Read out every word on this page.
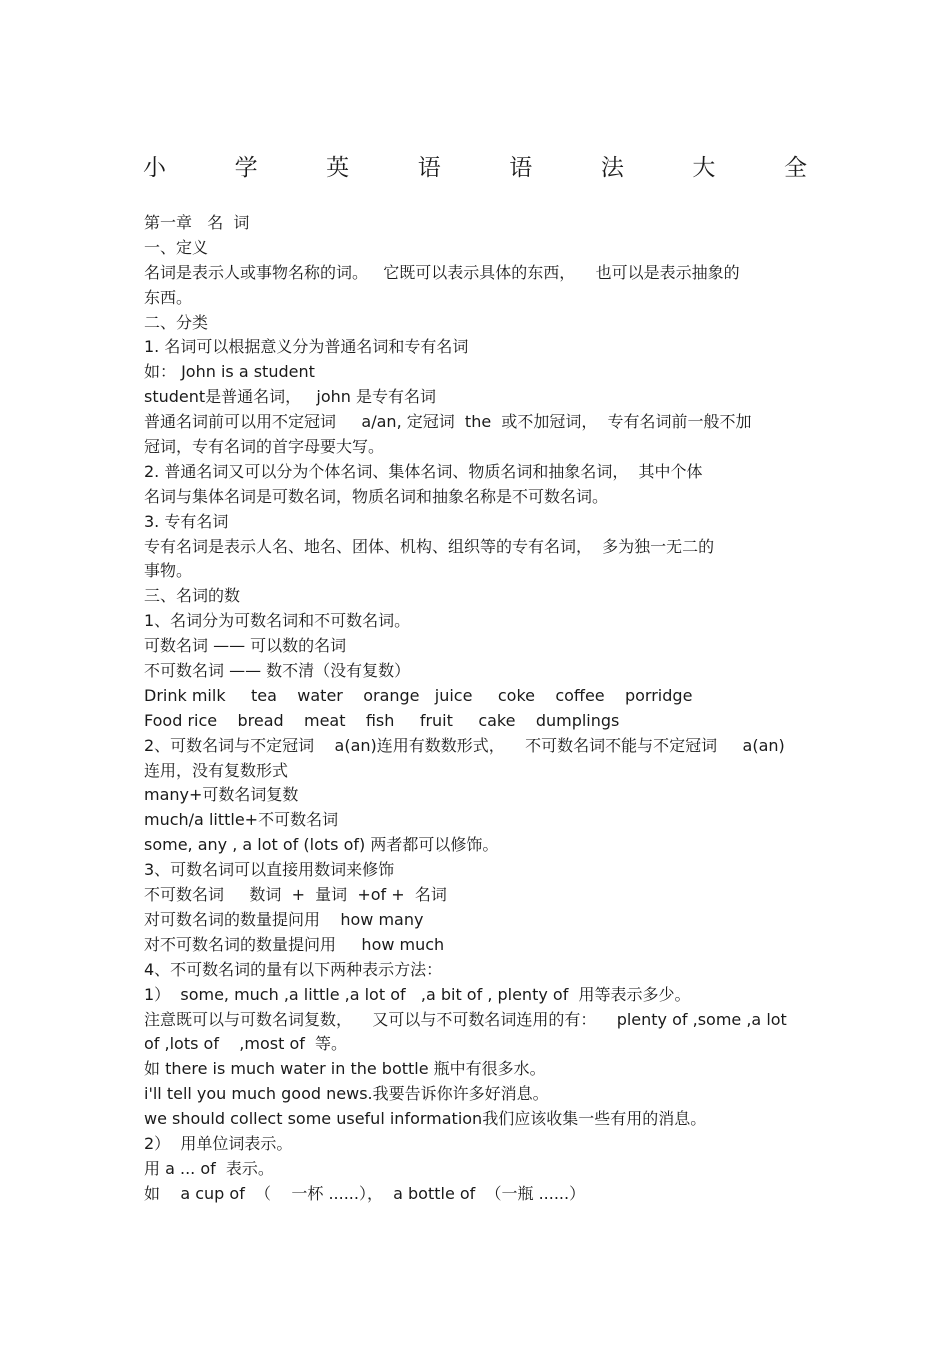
小	学	英	语	语	法	大	全
第一章   名  词
一、定义
名词是表示人或事物名称的词。   它既可以表示具体的东西，    也可以是表示抽象的
东西。
二、分类
1. 名词可以根据意义分为普通名词和专有名词
如： John is a student
student是普通名词，   john 是专有名词
普通名词前可以用不定冠词     a/an, 定冠词  the  或不加冠词，  专有名词前一般不加
冠词，专有名词的首字母要大写。
2. 普通名词又可以分为个体名词、集体名词、物质名词和抽象名词，  其中个体
名词与集体名词是可数名词，物质名词和抽象名称是不可数名词。
3. 专有名词
专有名词是表示人名、地名、团体、机构、组织等的专有名词，  多为独一无二的
事物。
三、名词的数
1、名词分为可数名词和不可数名词。
可数名词 —— 可以数的名词
不可数名词 —— 数不清（没有复数）
Drink milk     tea    water    orange   juice     coke    coffee    porridge
Food rice    bread    meat    fish     fruit     cake    dumplings
2、可数名词与不定冠词    a(an)连用有数数形式，    不可数名词不能与不定冠词     a(an)
连用，没有复数形式
many+可数名词复数
much/a little+不可数名词
some, any , a lot of (lots of) 两者都可以修饰。
3、可数名词可以直接用数词来修饰
不可数名词     数词  +  量词  +of +  名词
对可数名词的数量提问用    how many
对不可数名词的数量提问用     how much
4、不可数名词的量有以下两种表示方法：
1）  some, much ,a little ,a lot of   ,a bit of , plenty of  用等表示多少。
注意既可以与可数名词复数，    又可以与不可数名词连用的有：    plenty of ,some ,a lot
of ,lots of    ,most of  等。
如 there is much water in the bottle 瓶中有很多水。
i'll tell you much good news.我要告诉你许多好消息。
we should collect some useful information我们应该收集一些有用的消息。
2）  用单位词表示。
用 a ... of  表示。
如    a cup of  （    一杯 ......），  a bottle of  （一瓶 ......）
